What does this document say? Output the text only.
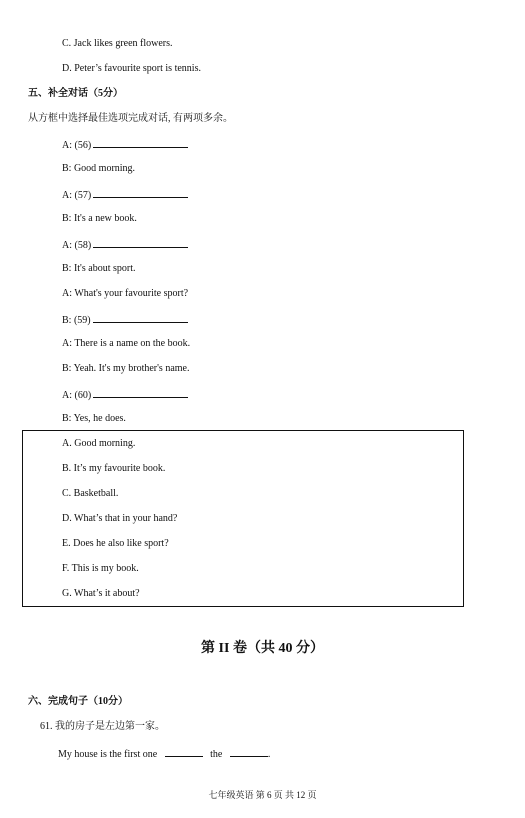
C. Jack likes green flowers.
D. Peter’s favourite sport is tennis.
五、补全对话（5分）
从方框中选择最佳选项完成对话, 有两项多余。
A: (56)
B: Good morning.
A: (57)
B: It's a new book.
A: (58)
B: It's about sport.
A: What's your favourite sport?
B: (59)
A: There is a name on the book.
B: Yeah. It's my brother's name.
A: (60)
B: Yes, he does.
A. Good morning.
B. It’s my favourite book.
C. Basketball.
D. What’s that in your hand?
E. Does he also like sport?
F. This is my book.
G. What’s it about?
第 II 卷（共 40 分）
六、完成句子（10分）
61. 我的房子是左边第一家。
My house is the first one	the	.
七年级英语 第 6 页 共 12 页
